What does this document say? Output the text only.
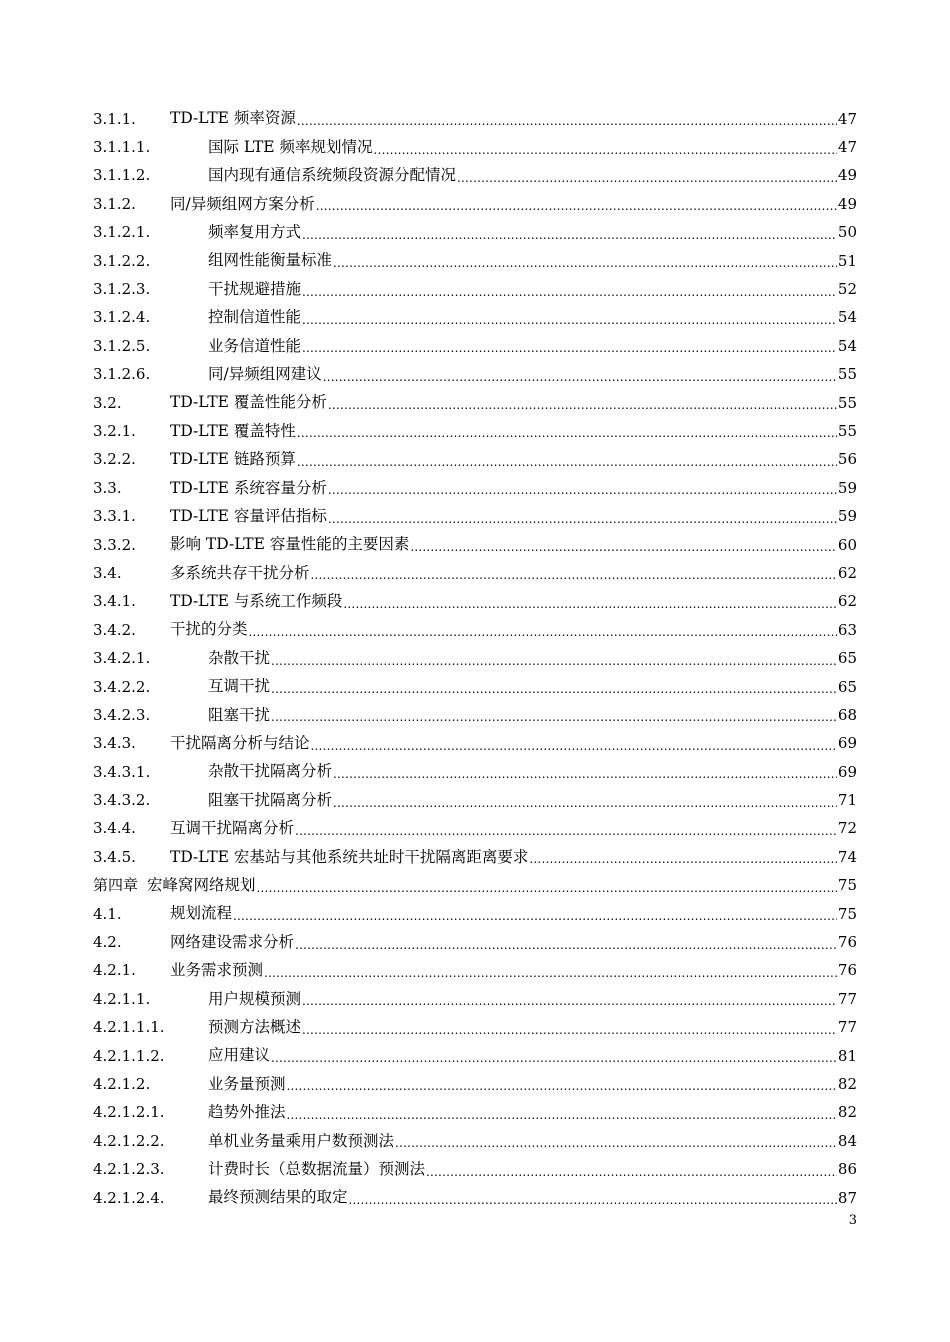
3.1.1.	TD-LTE 频率资源 .....	47
3.1.1.1.	国际 LTE 频率规划情况 .....	47
3.1.1.2.	国内现有通信系统频段资源分配情况 .....	49
3.1.2.	同/异频组网方案分析 .....	49
3.1.2.1.	频率复用方式 .....	50
3.1.2.2.	组网性能衡量标准 .....	51
3.1.2.3.	干扰规避措施 .....	52
3.1.2.4.	控制信道性能 .....	54
3.1.2.5.	业务信道性能 .....	54
3.1.2.6.	同/异频组网建议 .....	55
3.2.	TD-LTE 覆盖性能分析 .....	55
3.2.1.	TD-LTE 覆盖特性 .....	55
3.2.2.	TD-LTE 链路预算 .....	56
3.3.	TD-LTE 系统容量分析 .....	59
3.3.1.	TD-LTE 容量评估指标 .....	59
3.3.2.	影响 TD-LTE 容量性能的主要因素 .....	60
3.4.	多系统共存干扰分析 .....	62
3.4.1.	TD-LTE 与系统工作频段 .....	62
3.4.2.	干扰的分类 .....	63
3.4.2.1.	杂散干扰 .....	65
3.4.2.2.	互调干扰 .....	65
3.4.2.3.	阻塞干扰 .....	68
3.4.3.	干扰隔离分析与结论 .....	69
3.4.3.1.	杂散干扰隔离分析 .....	69
3.4.3.2.	阻塞干扰隔离分析 .....	71
3.4.4.	互调干扰隔离分析 .....	72
3.4.5.	TD-LTE 宏基站与其他系统共址时干扰隔离距离要求 .....	74
第四章 宏峰窝网络规划 .....	75
4.1.	规划流程 .....	75
4.2.	网络建设需求分析 .....	76
4.2.1.	业务需求预测 .....	76
4.2.1.1.	用户规模预测 .....	77
4.2.1.1.1.	预测方法概述 .....	77
4.2.1.1.2.	应用建议 .....	81
4.2.1.2.	业务量预测 .....	82
4.2.1.2.1.	趋势外推法 .....	82
4.2.1.2.2.	单机业务量乘用户数预测法 .....	84
4.2.1.2.3.	计费时长（总数据流量）预测法 .....	86
4.2.1.2.4.	最终预测结果的取定 .....	87
3
